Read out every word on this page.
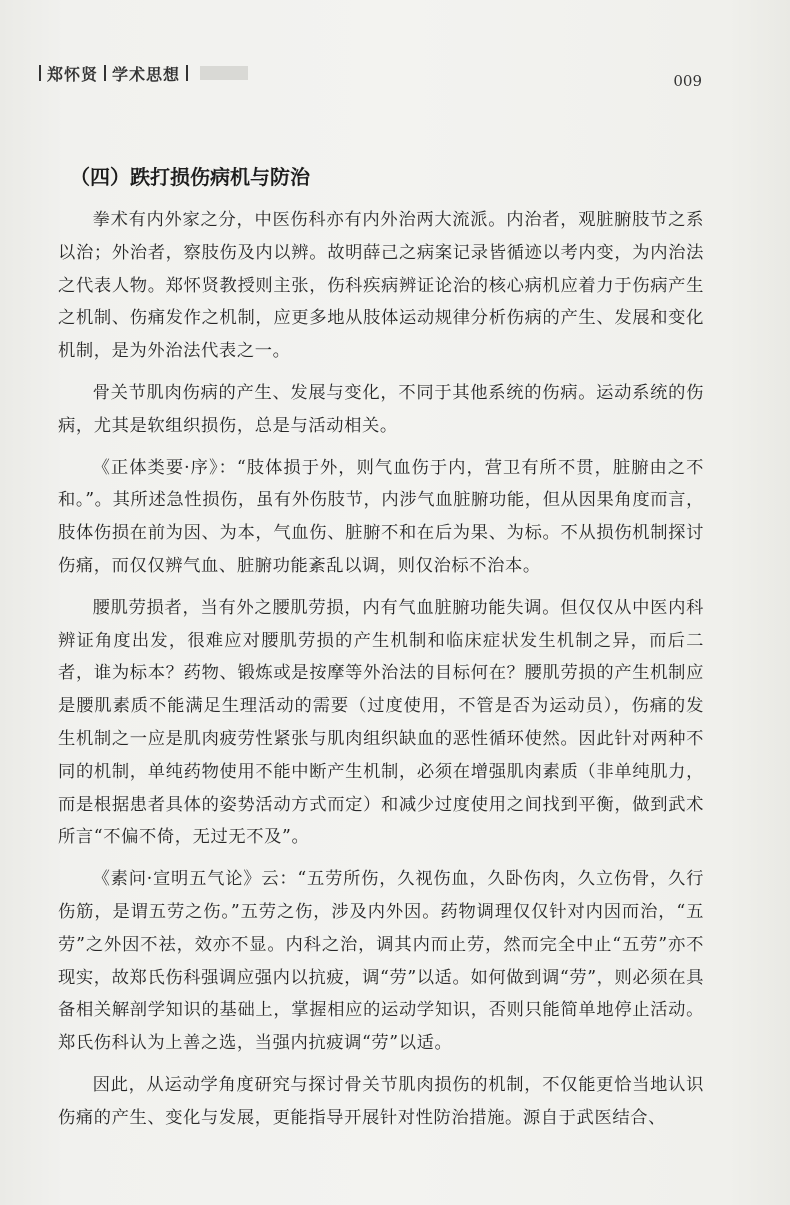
郑怀贤 学术思想	009
（四）跌打损伤病机与防治

拳术有内外家之分，中医伤科亦有内外治两大流派。内治者，观脏腑肢节之系以治；外治者，察肢伤及内以辨。故明薛己之病案记录皆循迹以考内变，为内治法之代表人物。郑怀贤教授则主张，伤科疾病辨证论治的核心病机应着力于伤病产生之机制、伤痛发作之机制，应更多地从肢体运动规律分析伤病的产生、发展和变化机制，是为外治法代表之一。

骨关节肌肉伤病的产生、发展与变化，不同于其他系统的伤病。运动系统的伤病，尤其是软组织损伤，总是与活动相关。

《正体类要·序》：“肢体损于外，则气血伤于内，营卫有所不贯，脏腑由之不和。”。其所述急性损伤，虽有外伤肢节，内涉气血脏腑功能，但从因果角度而言，肢体伤损在前为因、为本，气血伤、脏腑不和在后为果、为标。不从损伤机制探讨伤痛，而仅仅辨气血、脏腑功能紊乱以调，则仅治标不治本。

腰肌劳损者，当有外之腰肌劳损，内有气血脏腑功能失调。但仅仅从中医内科辨证角度出发，很难应对腰肌劳损的产生机制和临床症状发生机制之异，而后二者，谁为标本？药物、锻炼或是按摩等外治法的目标何在？腰肌劳损的产生机制应是腰肌素质不能满足生理活动的需要（过度使用，不管是否为运动员），伤痛的发生机制之一应是肌肉疲劳性紧张与肌肉组织缺血的恶性循环使然。因此针对两种不同的机制，单纯药物使用不能中断产生机制，必须在增强肌肉素质（非单纯肌力，而是根据患者具体的姿势活动方式而定）和减少过度使用之间找到平衡，做到武术所言“不偏不倚，无过无不及”。

《素问·宣明五气论》云：“五劳所伤，久视伤血，久卧伤肉，久立伤骨，久行伤筋，是谓五劳之伤。”五劳之伤，涉及内外因。药物调理仅仅针对内因而治，“五劳”之外因不祛，效亦不显。内科之治，调其内而止劳，然而完全中止“五劳”亦不现实，故郑氏伤科强调应强内以抗疲，调“劳”以适。如何做到调“劳”，则必须在具备相关解剖学知识的基础上，掌握相应的运动学知识，否则只能简单地停止活动。郑氏伤科认为上善之选，当强内抗疲调“劳”以适。

因此，从运动学角度研究与探讨骨关节肌肉损伤的机制，不仅能更恰当地认识伤痛的产生、变化与发展，更能指导开展针对性防治措施。源自于武医结合、
